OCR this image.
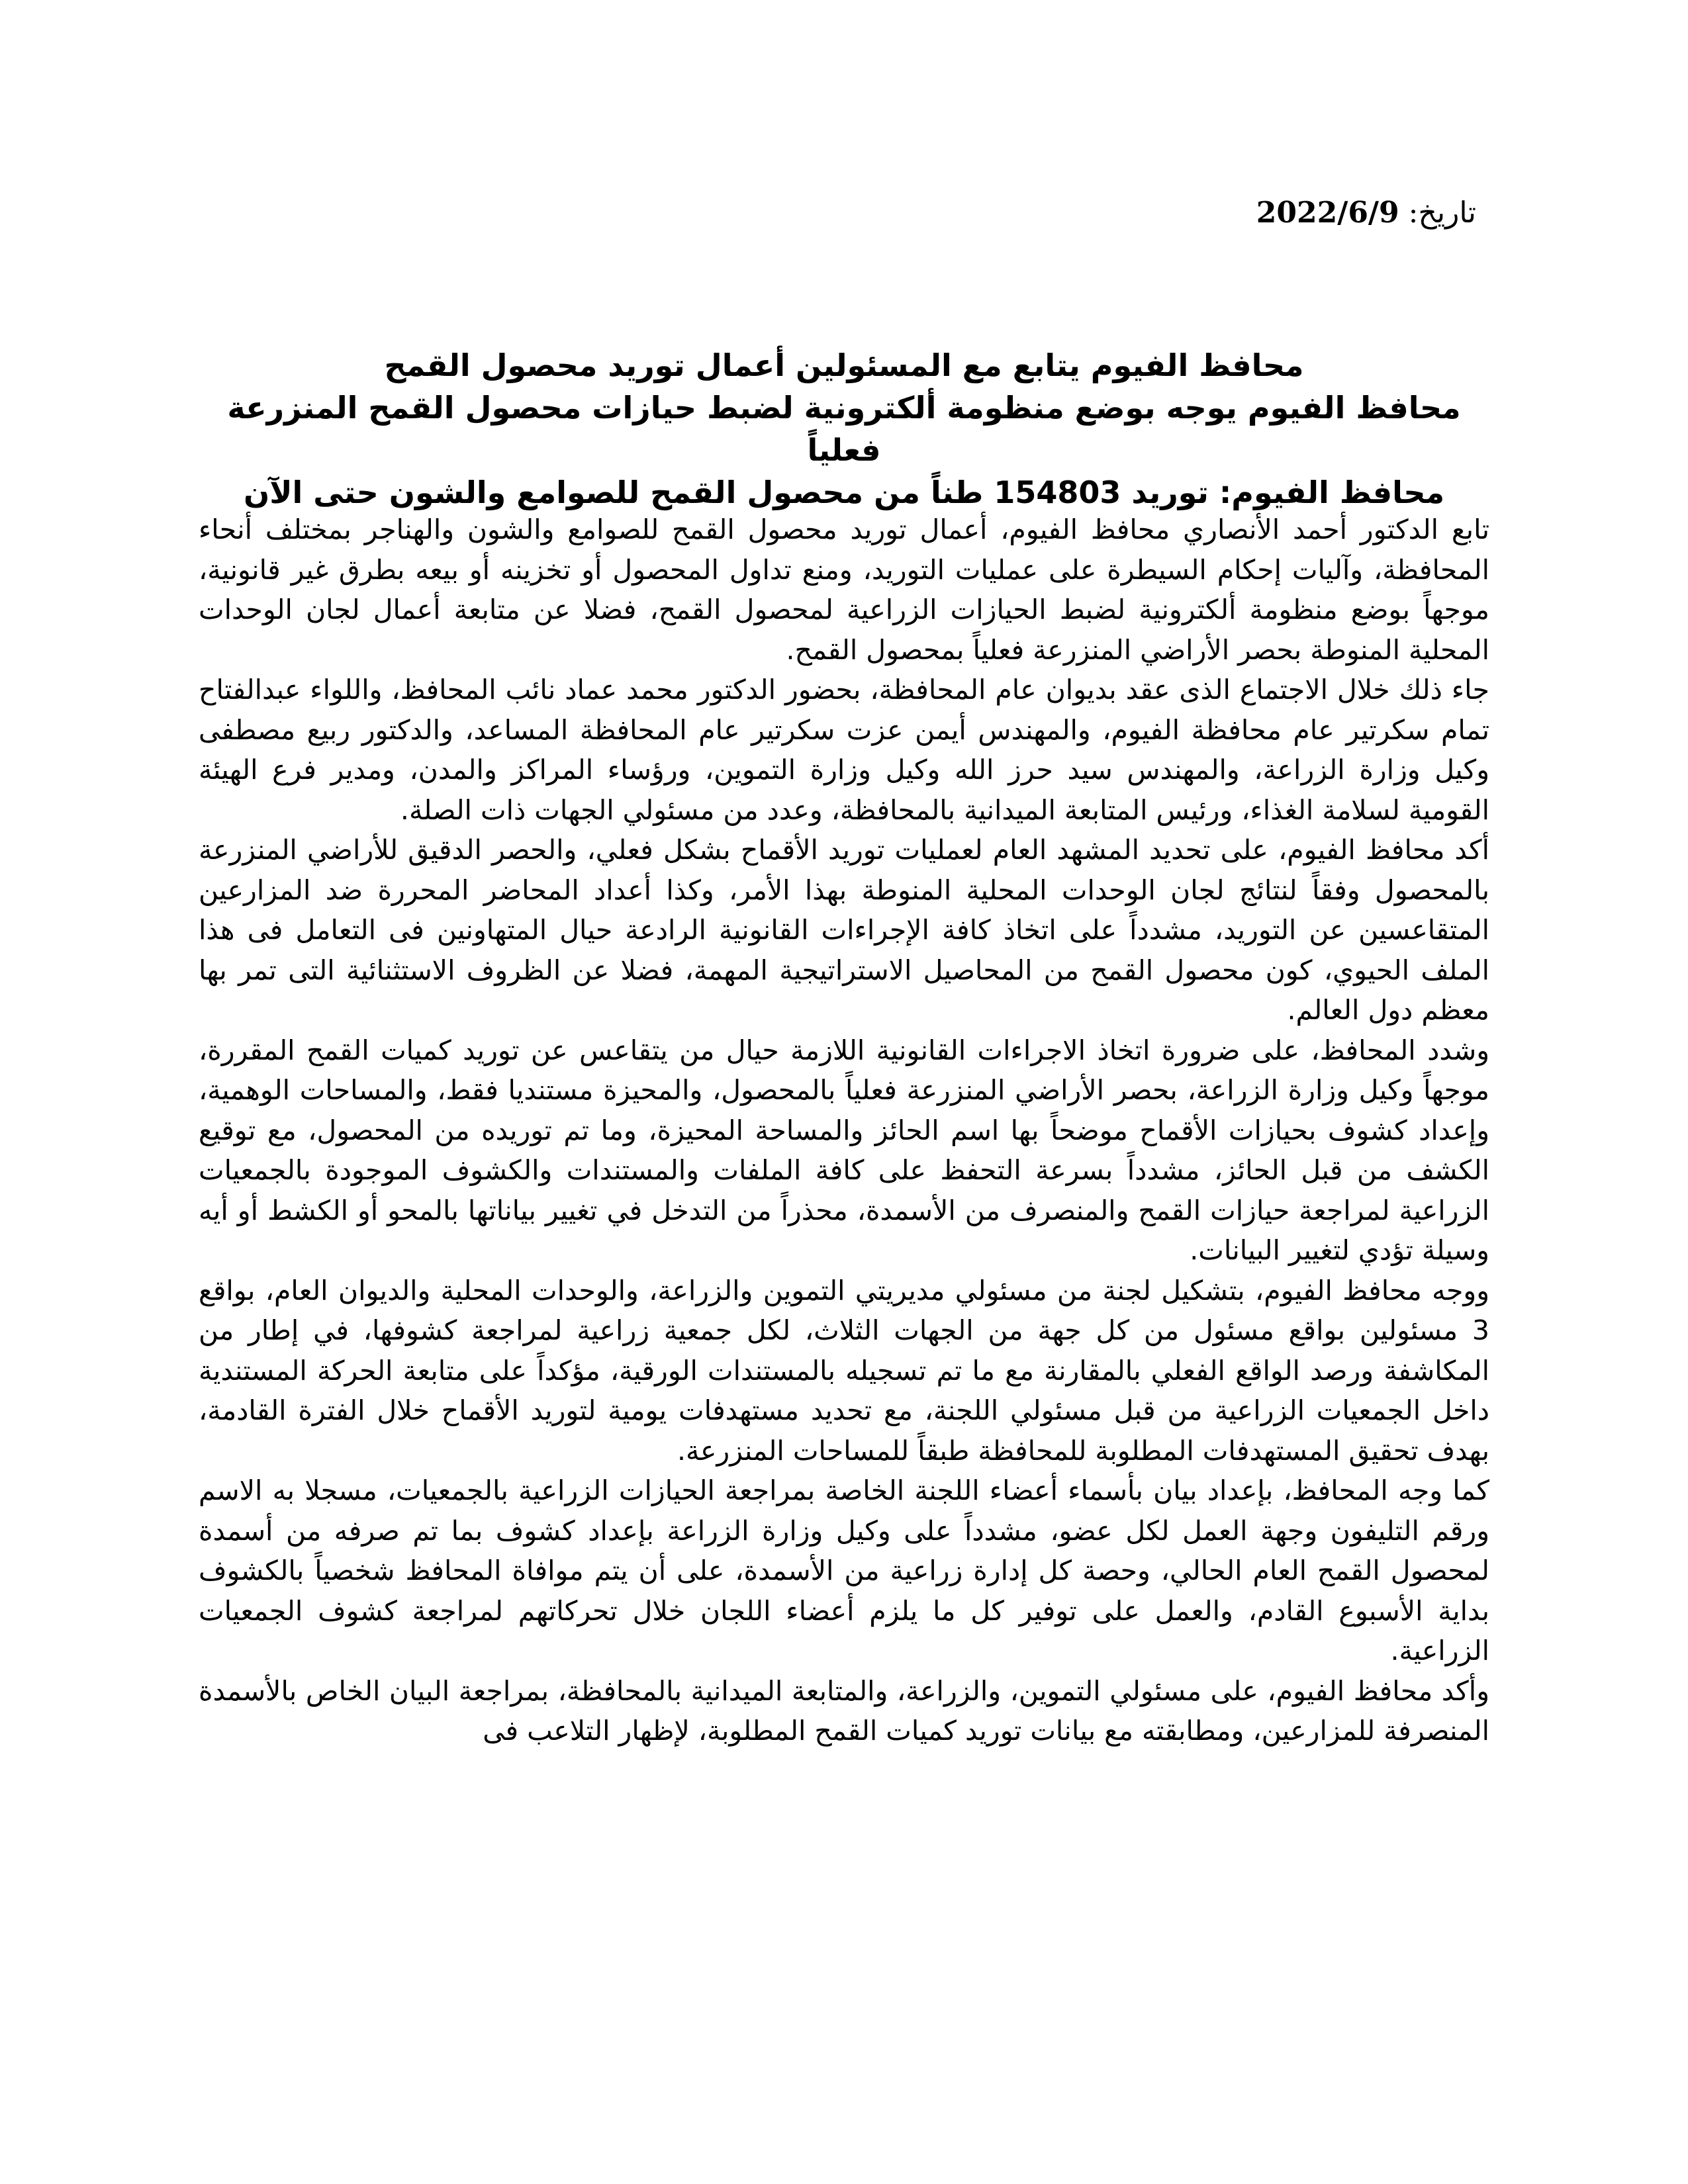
تاريخ: 2022/6/9

محافظ الفيوم يتابع مع المسئولين أعمال توريد محصول القمح

محافظ الفيوم يوجه بوضع منظومة ألكترونية لضبط حيازات محصول القمح المنزرعة فعلياً

محافظ الفيوم: توريد 154803 طناً من محصول القمح للصوامع والشون حتى الآن

تابع الدكتور أحمد الأنصاري محافظ الفيوم، أعمال توريد محصول القمح للصوامع والشون والهناجر بمختلف أنحاء المحافظة، وآليات إحكام السيطرة على عمليات التوريد، ومنع تداول المحصول أو تخزينه أو بيعه بطرق غير قانونية، موجهاً بوضع منظومة ألكترونية لضبط الحيازات الزراعية لمحصول القمح، فضلا عن متابعة أعمال لجان الوحدات المحلية المنوطة بحصر الأراضي المنزرعة فعلياً بمحصول القمح.

جاء ذلك خلال الاجتماع الذى عقد بديوان عام المحافظة، بحضور الدكتور محمد عماد نائب المحافظ، واللواء عبدالفتاح تمام سكرتير عام محافظة الفيوم، والمهندس أيمن عزت سكرتير عام المحافظة المساعد، والدكتور ربيع مصطفى وكيل وزارة الزراعة، والمهندس سيد حرز الله وكيل وزارة التموين، ورؤساء المراكز والمدن، ومدير فرع الهيئة القومية لسلامة الغذاء، ورئيس المتابعة الميدانية بالمحافظة، وعدد من مسئولي الجهات ذات الصلة.

أكد محافظ الفيوم، على تحديد المشهد العام لعمليات توريد الأقماح بشكل فعلي، والحصر الدقيق للأراضي المنزرعة بالمحصول وفقاً لنتائج لجان الوحدات المحلية المنوطة بهذا الأمر، وكذا أعداد المحاضر المحررة ضد المزارعين المتقاعسين عن التوريد، مشدداً على اتخاذ كافة الإجراءات القانونية الرادعة حيال المتهاونين فى التعامل فى هذا الملف الحيوي، كون محصول القمح من المحاصيل الاستراتيجية المهمة، فضلا عن الظروف الاستثنائية التى تمر بها معظم دول العالم.

وشدد المحافظ، على ضرورة اتخاذ الاجراءات القانونية اللازمة حيال من يتقاعس عن توريد كميات القمح المقررة، موجهاً وكيل وزارة الزراعة، بحصر الأراضي المنزرعة فعلياً بالمحصول، والمحيزة مستنديا فقط، والمساحات الوهمية، وإعداد كشوف بحيازات الأقماح موضحاً بها اسم الحائز والمساحة المحيزة، وما تم توريده من المحصول، مع توقيع الكشف من قبل الحائز، مشدداً بسرعة التحفظ على كافة الملفات والمستندات والكشوف الموجودة بالجمعيات الزراعية لمراجعة حيازات القمح والمنصرف من الأسمدة، محذراً من التدخل في تغيير بياناتها بالمحو أو الكشط أو أيه وسيلة تؤدي لتغيير البيانات.

ووجه محافظ الفيوم، بتشكيل لجنة من مسئولي مديريتي التموين والزراعة، والوحدات المحلية والديوان العام، بواقع 3 مسئولين بواقع مسئول من كل جهة من الجهات الثلاث، لكل جمعية زراعية لمراجعة كشوفها، في إطار من المكاشفة ورصد الواقع الفعلي بالمقارنة مع ما تم تسجيله بالمستندات الورقية، مؤكداً على متابعة الحركة المستندية داخل الجمعيات الزراعية من قبل مسئولي اللجنة، مع تحديد مستهدفات يومية لتوريد الأقماح خلال الفترة القادمة، بهدف تحقيق المستهدفات المطلوبة للمحافظة طبقاً للمساحات المنزرعة.

كما وجه المحافظ، بإعداد بيان بأسماء أعضاء اللجنة الخاصة بمراجعة الحيازات الزراعية بالجمعيات، مسجلا به الاسم ورقم التليفون وجهة العمل لكل عضو، مشدداً على وكيل وزارة الزراعة بإعداد كشوف بما تم صرفه من أسمدة لمحصول القمح العام الحالي، وحصة كل إدارة زراعية من الأسمدة، على أن يتم موافاة المحافظ شخصياً بالكشوف بداية الأسبوع القادم، والعمل على توفير كل ما يلزم أعضاء اللجان خلال تحركاتهم لمراجعة كشوف الجمعيات الزراعية.

وأكد محافظ الفيوم، على مسئولي التموين، والزراعة، والمتابعة الميدانية بالمحافظة، بمراجعة البيان الخاص بالأسمدة المنصرفة للمزارعين، ومطابقته مع بيانات توريد كميات القمح المطلوبة، لإظهار التلاعب فى
